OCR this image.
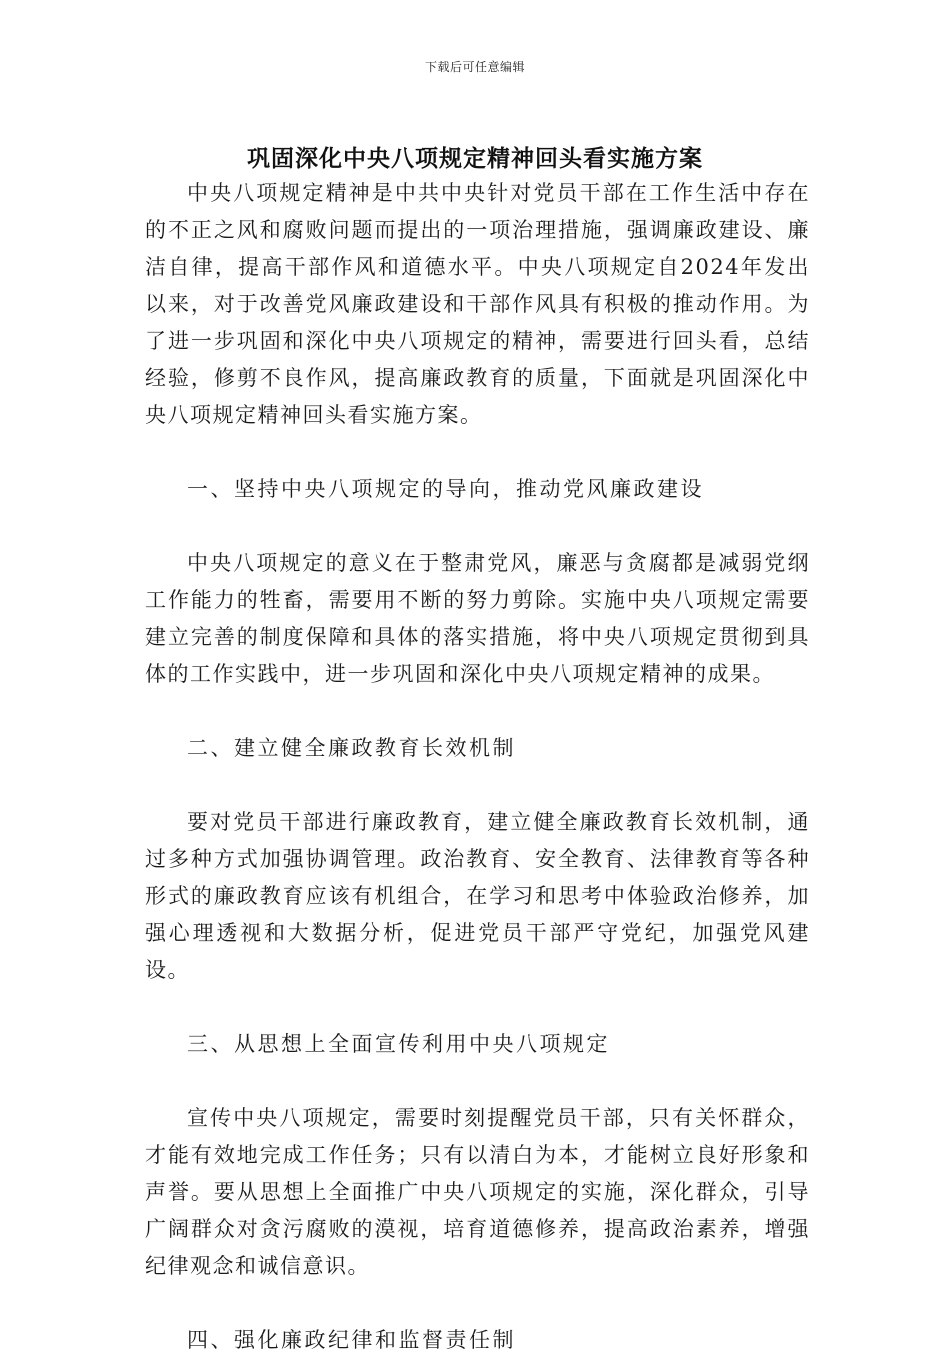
下载后可任意编辑
巩固深化中央八项规定精神回头看实施方案

中央八项规定精神是中共中央针对党员干部在工作生活中存在的不正之风和腐败问题而提出的一项治理措施，强调廉政建设、廉洁自律，提高干部作风和道德水平。中央八项规定自2024年发出以来，对于改善党风廉政建设和干部作风具有积极的推动作用。为了进一步巩固和深化中央八项规定的精神，需要进行回头看，总结经验，修剪不良作风，提高廉政教育的质量，下面就是巩固深化中央八项规定精神回头看实施方案。

一、坚持中央八项规定的导向，推动党风廉政建设

中央八项规定的意义在于整肃党风，廉恶与贪腐都是减弱党纲工作能力的牲畜，需要用不断的努力剪除。实施中央八项规定需要建立完善的制度保障和具体的落实措施，将中央八项规定贯彻到具体的工作实践中，进一步巩固和深化中央八项规定精神的成果。

二、建立健全廉政教育长效机制

要对党员干部进行廉政教育，建立健全廉政教育长效机制，通过多种方式加强协调管理。政治教育、安全教育、法律教育等各种形式的廉政教育应该有机组合，在学习和思考中体验政治修养，加强心理透视和大数据分析，促进党员干部严守党纪，加强党风建设。

三、从思想上全面宣传利用中央八项规定

宣传中央八项规定，需要时刻提醒党员干部，只有关怀群众，才能有效地完成工作任务；只有以清白为本，才能树立良好形象和声誉。要从思想上全面推广中央八项规定的实施，深化群众，引导广阔群众对贪污腐败的漠视，培育道德修养，提高政治素养，增强纪律观念和诚信意识。

四、强化廉政纪律和监督责任制
